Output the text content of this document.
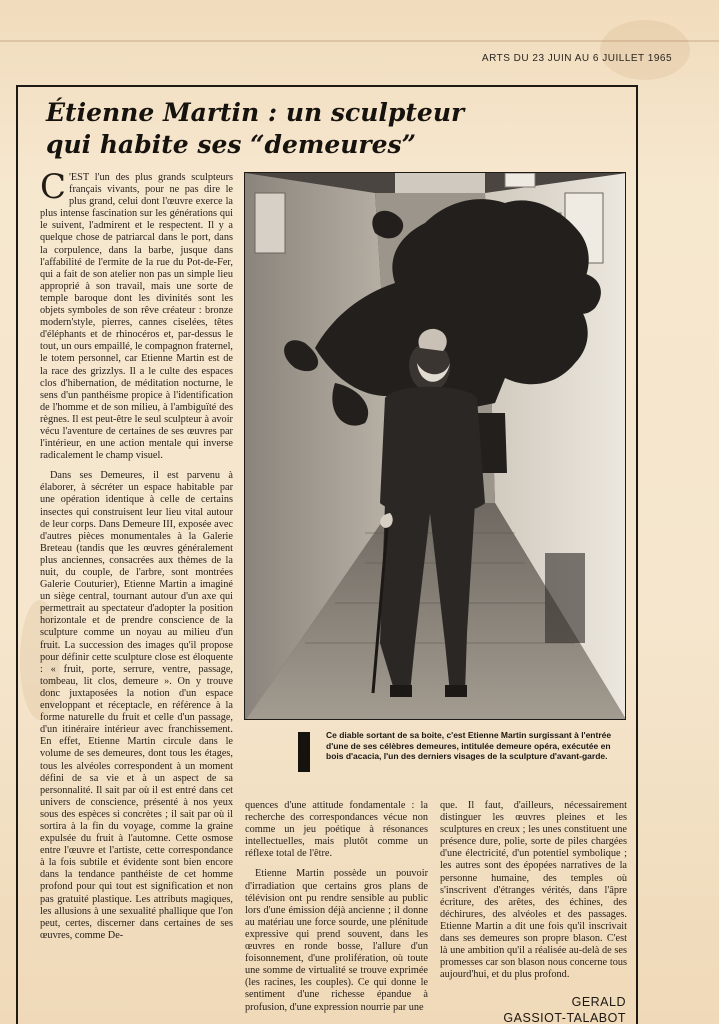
ARTS DU 23 JUIN AU 6 JUILLET 1965
Étienne Martin : un sculpteur
qui habite ses “demeures”

C 'EST l'un des plus grands sculpteurs français vivants, pour ne pas dire le plus grand, celui dont l'œuvre exerce la plus intense fascination sur les générations qui le suivent, l'admirent et le respectent. Il y a quelque chose de patriarcal dans le port, dans la corpulence, dans la barbe, jusque dans l'affabilité de l'ermite de la rue du Pot-de-Fer, qui a fait de son atelier non pas un simple lieu approprié à son travail, mais une sorte de temple baroque dont les divinités sont les objets symboles de son rêve créateur : bronze modern'style, pierres, cannes ciselées, têtes d'éléphants et de rhinocéros et, par-dessus le tout, un ours empaillé, le compagnon fraternel, le totem personnel, car Etienne Martin est de la race des grizzlys. Il a le culte des espaces clos d'hibernation, de méditation nocturne, le sens d'un panthéisme propice à l'identification de l'homme et de son milieu, à l'ambiguïté des règnes. Il est peut-être le seul sculpteur à avoir vécu l'aventure de certaines de ses œuvres par l'intérieur, en une action mentale qui inverse radicalement le champ visuel.

Dans ses Demeures, il est parvenu à élaborer, à sécréter un espace habitable par une opération identique à celle de certains insectes qui construisent leur lieu vital autour de leur corps. Dans Demeure III, exposée avec d'autres pièces monumentales à la Galerie Breteau (tandis que les œuvres généralement plus anciennes, consacrées aux thèmes de la nuit, du couple, de l'arbre, sont montrées Galerie Couturier), Etienne Martin a imaginé un siège central, tournant autour d'un axe qui permettrait au spectateur d'adopter la position horizontale et de prendre conscience de la sculpture comme un noyau au milieu d'un fruit. La succession des images qu'il propose pour définir cette sculpture close est éloquente : « fruit, porte, serrure, ventre, passage, tombeau, lit clos, demeure ». On y trouve donc juxtaposées la notion d'un espace enveloppant et réceptacle, en référence à la forme naturelle du fruit et celle d'un passage, d'un itinéraire intérieur avec franchissement. En effet, Etienne Martin circule dans le volume de ses demeures, dont tous les étages, tous les alvéoles correspondent à un moment défini de sa vie et à un aspect de sa personnalité. Il sait par où il est entré dans cet univers de conscience, présenté à nos yeux sous des espèces si concrètes ; il sait par où il sortira à la fin du voyage, comme la graine expulsée du fruit à l'automne. Cette osmose entre l'œuvre et l'artiste, cette correspondance à la fois subtile et évidente sont bien encore dans la tendance panthéiste de cet homme profond pour qui tout est signification et non pas gratuité plastique. Les attributs magiques, les allusions à une sexualité phallique que l'on peut, certes, discerner dans certaines de ses œuvres, comme De-

Ce diable sortant de sa boite, c'est Etienne Martin surgissant à l'entrée d'une de ses célèbres demeures, intitulée demeure opéra, exécutée en bois d'acacia, l'un des derniers visages de la sculpture d'avant-garde.

quences d'une attitude fondamentale : la recherche des correspondances vécue non comme un jeu poétique à résonances intellectuelles, mais plutôt comme un réflexe total de l'être.

Etienne Martin possède un pouvoir d'irradiation que certains gros plans de télévision ont pu rendre sensible au public lors d'une émission déjà ancienne ; il donne au matériau une force sourde, une plénitude expressive qui prend souvent, dans les œuvres en ronde bosse, l'allure d'un foisonnement, d'une prolifération, où toute une somme de virtualité se trouve exprimée (les racines, les couples). Ce qui donne le sentiment d'une richesse épandue à profusion, d'une expression nourrie par une

que. Il faut, d'ailleurs, nécessairement distinguer les œuvres pleines et les sculptures en creux ; les unes constituent une présence dure, polie, sorte de piles chargées d'une électricité, d'un potentiel symbolique ; les autres sont des épopées narratives de la personne humaine, des temples où s'inscrivent d'étranges vérités, dans l'âpre écriture, des arêtes, des échines, des déchirures, des alvéoles et des passages. Etienne Martin a dit une fois qu'il inscrivait dans ses demeures son propre blason. C'est là une ambition qu'il a réalisée au-delà de ses promesses car son blason nous concerne tous aujourd'hui, et du plus profond.

GERALD
GASSIOT-TALABOT
